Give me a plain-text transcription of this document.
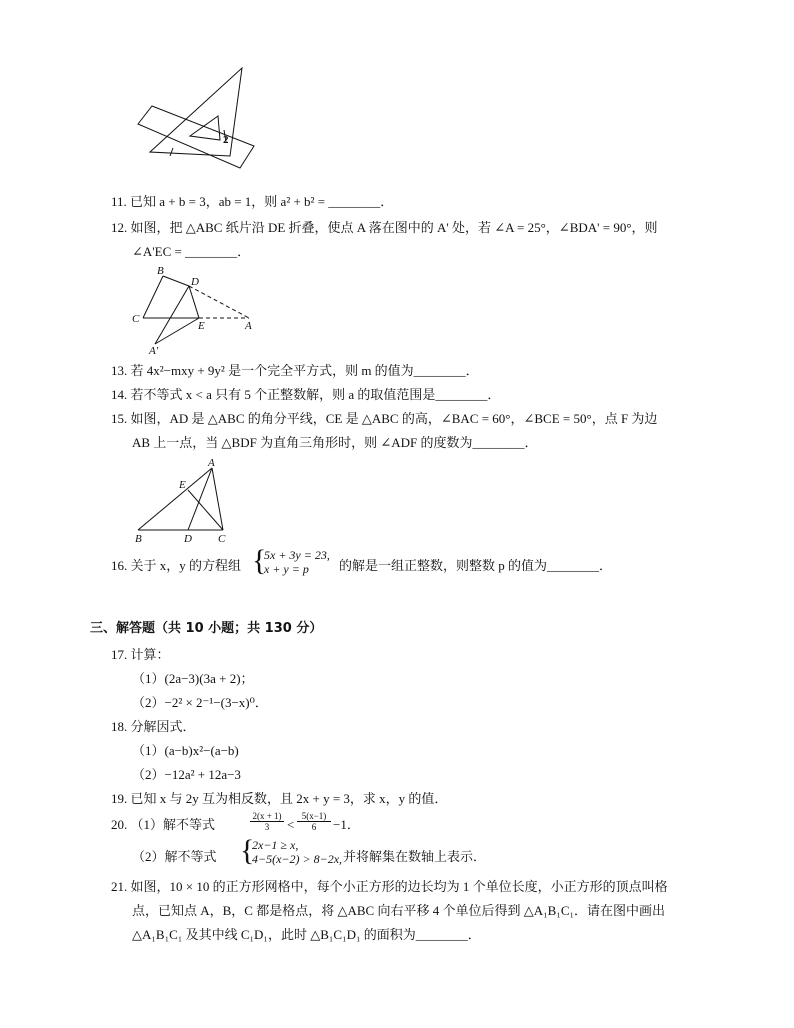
2
11. 已知 a + b = 3，ab = 1，则 a² + b² = ________．
12. 如图，把 △ABC 纸片沿 DE 折叠，使点 A 落在图中的 A' 处，若 ∠A = 25°，∠BDA' = 90°，则
∠A'EC = ________．
B
D
C
E	A
A'
13. 若 4x²−mxy + 9y² 是一个完全平方式，则 m 的值为________．
14. 若不等式 x < a 只有 5 个正整数解，则 a 的取值范围是________．
15. 如图，AD 是 △ABC 的角分平线，CE 是 △ABC 的高，∠BAC = 60°，∠BCE = 50°，点 F 为边
AB 上一点，当 △BDF 为直角三角形时，则 ∠ADF 的度数为________．
A
E
B	D C
16. 关于 x，y 的方程组 {
5x + 3y = 23,
x + y = p 的解是一组正整数，则整数 p 的值为________．
三、解答题（共 10 小题；共 130 分）
17. 计算：
（1）(2a−3)(3a + 2)；
（2）−2² × 2⁻¹−(3−x)⁰．
18. 分解因式．
（1）(a−b)x²−(a−b)
（2）−12a² + 12a−3
19. 已知 x 与 2y 互为相反数，且 2x + y = 3，求 x，y 的值．
20. （1）解不等式
2(x + 1)
3	<
5(x−1)
6	−1．
（2）解不等式 {
2x−1 ≥ x,
4−5(x−2) > 8−2x, 并将解集在数轴上表示．
21. 如图，10 × 10 的正方形网格中，每个小正方形的边长均为 1 个单位长度，小正方形的顶点叫格
点，已知点 A，B，C 都是格点，将 △ABC 向右平移 4 个单位后得到 △A₁B₁C₁．请在图中画出
△A₁B₁C₁ 及其中线 C₁D₁，此时 △B₁C₁D₁ 的面积为________．
